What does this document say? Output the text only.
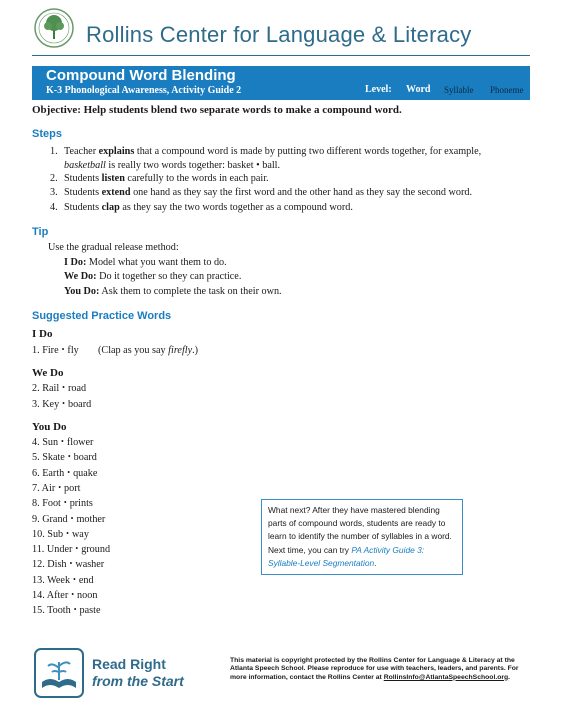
Rollins Center for Language & Literacy
Compound Word Blending
K-3 Phonological Awareness, Activity Guide 2	Level: Word Syllable Phoneme
Objective: Help students blend two separate words to make a compound word.
Steps
1. Teacher explains that a compound word is made by putting two different words together, for example,
basketball is really two words together: basket • ball.
2. Students listen carefully to the words in each pair.
3. Students extend one hand as they say the first word and the other hand as they say the second word.
4. Students clap as they say the two words together as a compound word.
Tip
Use the gradual release method:
I Do: Model what you want them to do.
We Do: Do it together so they can practice.
You Do: Ask them to complete the task on their own.
Suggested Practice Words
I Do
1. Fire • fly (Clap as you say firefly.)
We Do
2. Rail • road
3. Key • board
You Do
4. Sun • flower
5. Skate • board
6. Earth • quake
7. Air • port
8. Foot • prints
9. Grand • mother
10. Sub • way
11. Under • ground
12. Dish • washer
13. Week • end
14. After • noon
15. Tooth • paste
What next? After they have mastered blending parts of compound words, students are ready to learn to identify the number of syllables in a word. Next time, you can try PA Activity Guide 3: Syllable-Level Segmentation.
Read Right
from the Start
This material is copyright protected by the Rollins Center for Language & Literacy at the Atlanta Speech School. Please reproduce for use with teachers, leaders, and parents. For more information, contact the Rollins Center at RollinsInfo@AtlantaSpeechSchool.org.
